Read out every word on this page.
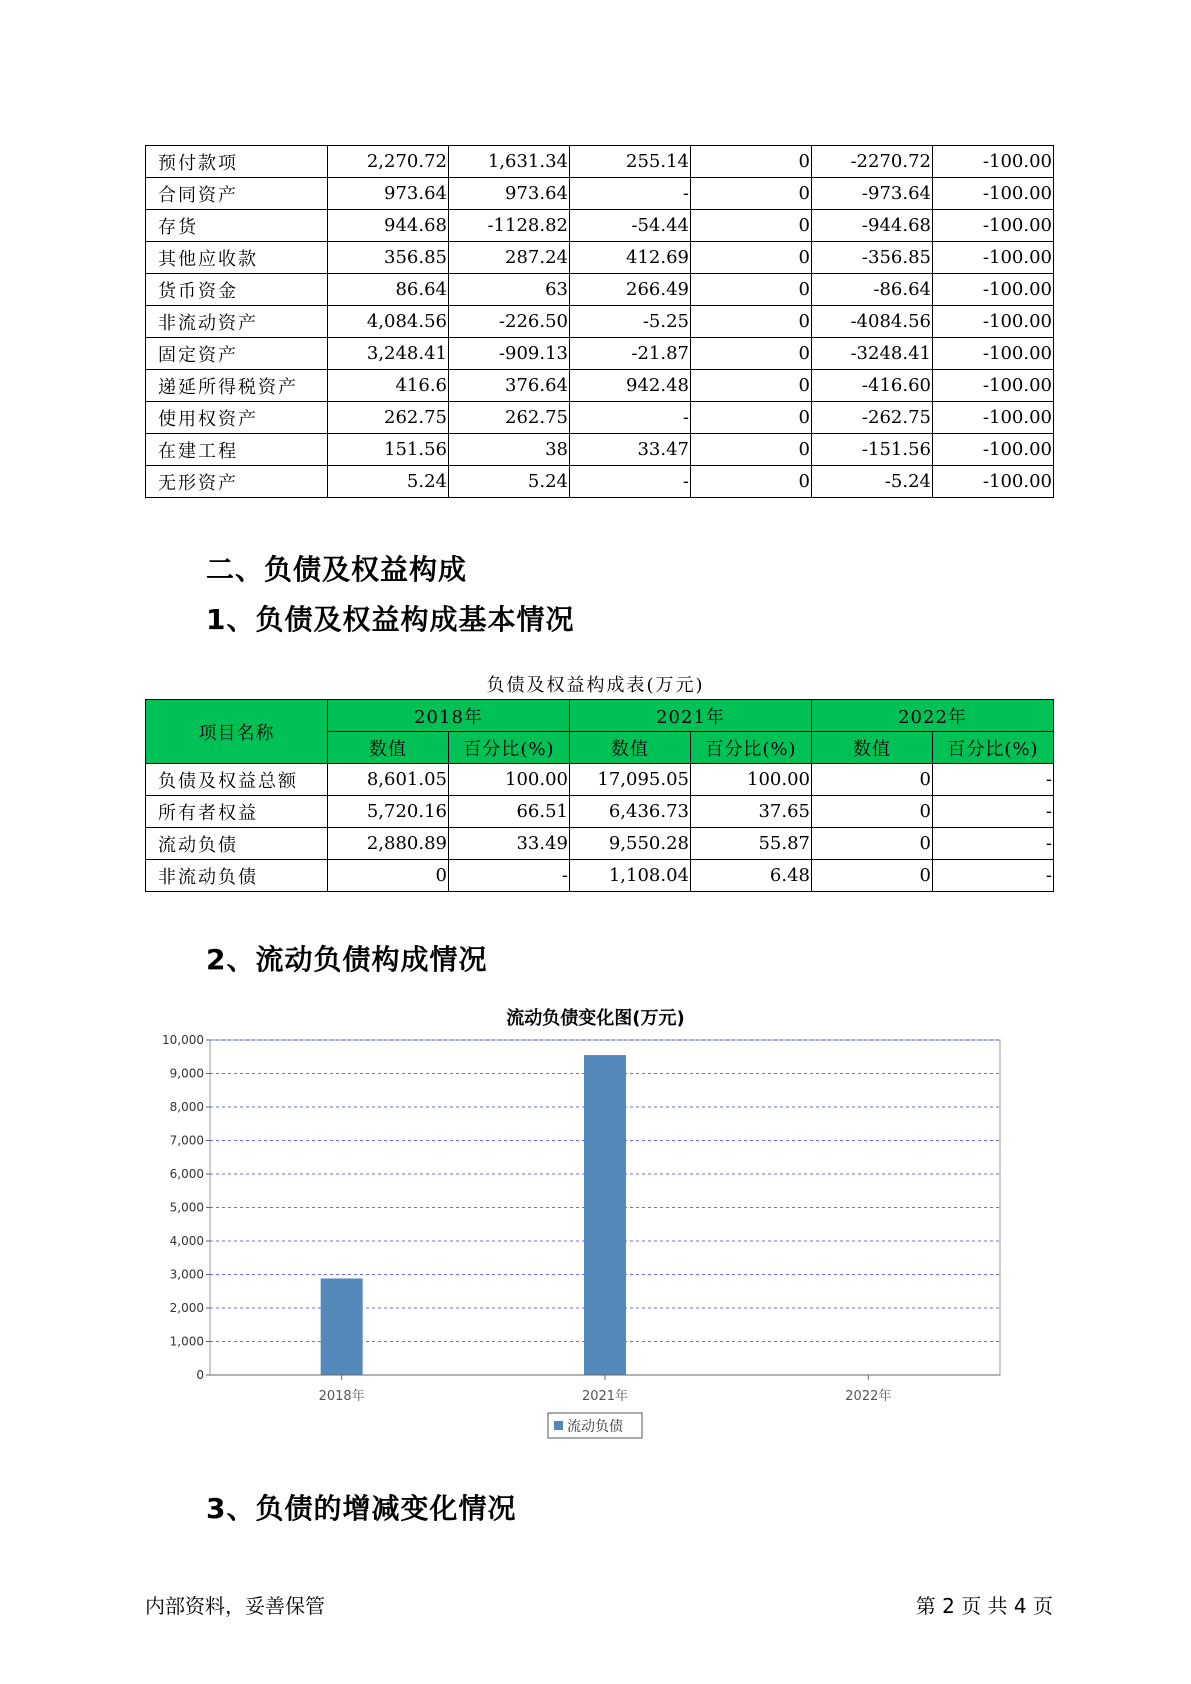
预付款项	2,270.72	1,631.34	255.14	0	-2270.72	-100.00
合同资产	973.64	973.64	-	0	-973.64	-100.00
存货	944.68	-1128.82	-54.44	0	-944.68	-100.00
其他应收款	356.85	287.24	412.69	0	-356.85	-100.00
货币资金	86.64	63	266.49	0	-86.64	-100.00
非流动资产	4,084.56	-226.50	-5.25	0	-4084.56	-100.00
固定资产	3,248.41	-909.13	-21.87	0	-3248.41	-100.00
递延所得税资产	416.6	376.64	942.48	0	-416.60	-100.00
使用权资产	262.75	262.75	-	0	-262.75	-100.00
在建工程	151.56	38	33.47	0	-151.56	-100.00
无形资产	5.24	5.24	-	0	-5.24	-100.00
二、负债及权益构成
1、负债及权益构成基本情况
负债及权益构成表(万元)
项目名称	2018年		2021年		2022年	
	数值	百分比(%)	数值	百分比(%)	数值	百分比(%)
负债及权益总额	8,601.05	100.00	17,095.05	100.00	0	-
所有者权益	5,720.16	66.51	6,436.73	37.65	0	-
流动负债	2,880.89	33.49	9,550.28	55.87	0	-
非流动负债	0	-	1,108.04	6.48	0	-
2、流动负债构成情况
流动负债变化图(万元)
0
1,000
2,000
3,000
4,000
5,000
6,000
7,000
8,000
9,000
10,000
2018年	2021年	2022年
流动负债
3、负债的增减变化情况
内部资料，妥善保管	第 2 页 共 4 页
